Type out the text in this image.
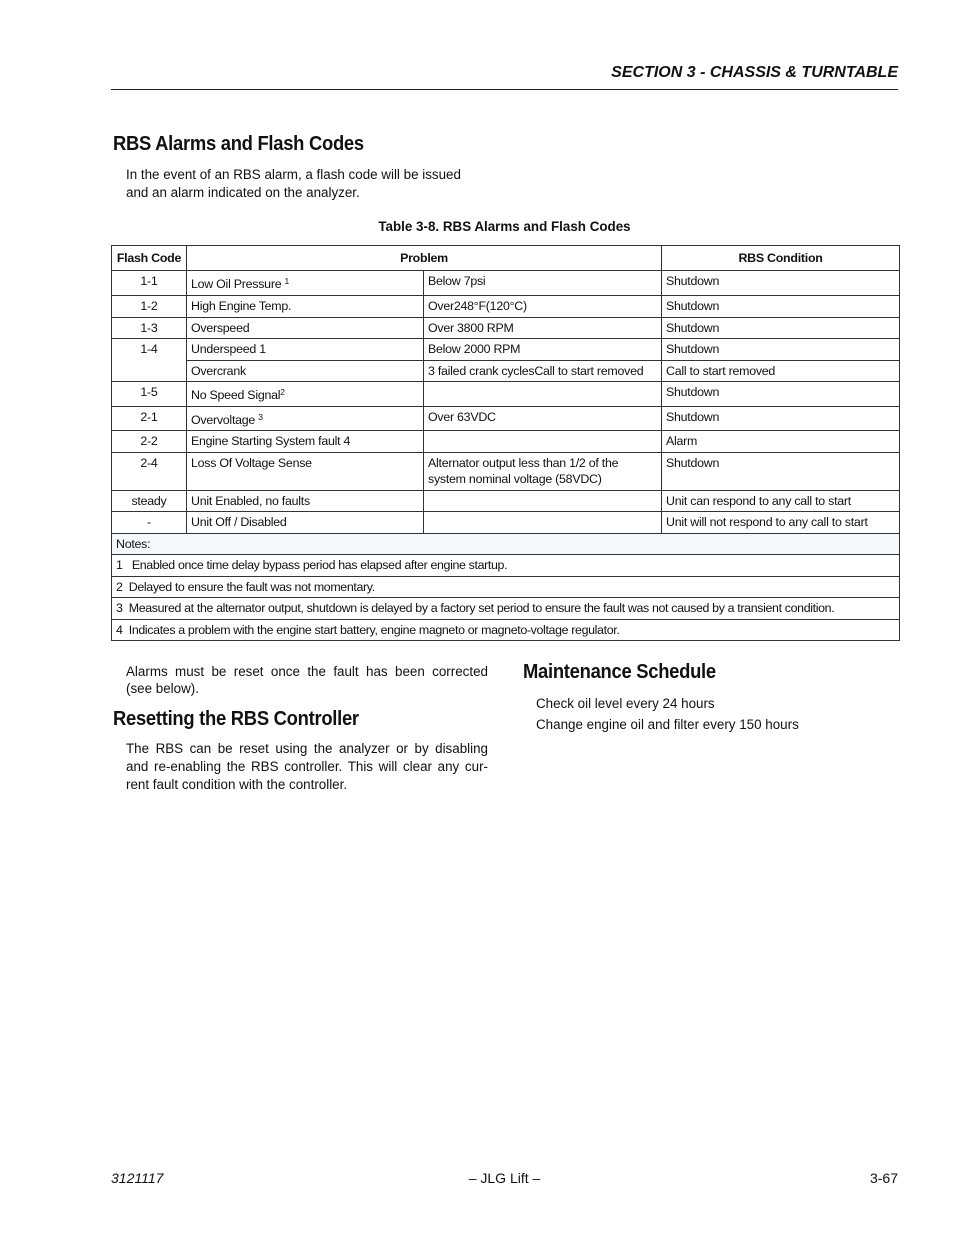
SECTION 3 - CHASSIS & TURNTABLE
RBS Alarms and Flash Codes

In the event of an RBS alarm, a flash code will be issued

and an alarm indicated on the analyzer.

Table 3-8. RBS Alarms and Flash Codes
Flash Code	Problem		RBS Condition
1-1	Low Oil Pressure $^1$	Below 7psi	Shutdown
1-2	High Engine Temp.	Over248°F(120°C)	Shutdown
1-3	Overspeed	Over 3800 RPM	Shutdown
1-4	Underspeed 1	Below 2000 RPM	Shutdown
	Overcrank	3 failed crank cyclesCall to start removed	Call to start removed
1-5	No Speed Signal$^2$		Shutdown
2-1	Overvoltage $^3$	Over 63VDC	Shutdown
2-2	Engine Starting System fault 4		Alarm
2-4	Loss Of Voltage Sense	Alternator output less than 1/2 of the system nominal voltage (58VDC)	Shutdown
steady	Unit Enabled, no faults		Unit can respond to any call to start
-	Unit Off / Disabled		Unit will not respond to any call to start
Notes:			
1 Enabled once time delay bypass period has elapsed after engine startup.			
2 Delayed to ensure the fault was not momentary.			
3 Measured at the alternator output, shutdown is delayed by a factory set period to ensure the fault was not caused by a transient condition.			
4 Indicates a problem with the engine start battery, engine magneto or magneto-voltage regulator.			

Alarms must be reset once the fault has been corrected

(see below).

Resetting the RBS Controller

The RBS can be reset using the analyzer or by disabling

and re-enabling the RBS controller. This will clear any cur-

rent fault condition with the controller.

Maintenance Schedule

Check oil level every 24 hours

Change engine oil and filter every 150 hours

3121117	– JLG Lift –	3-67
